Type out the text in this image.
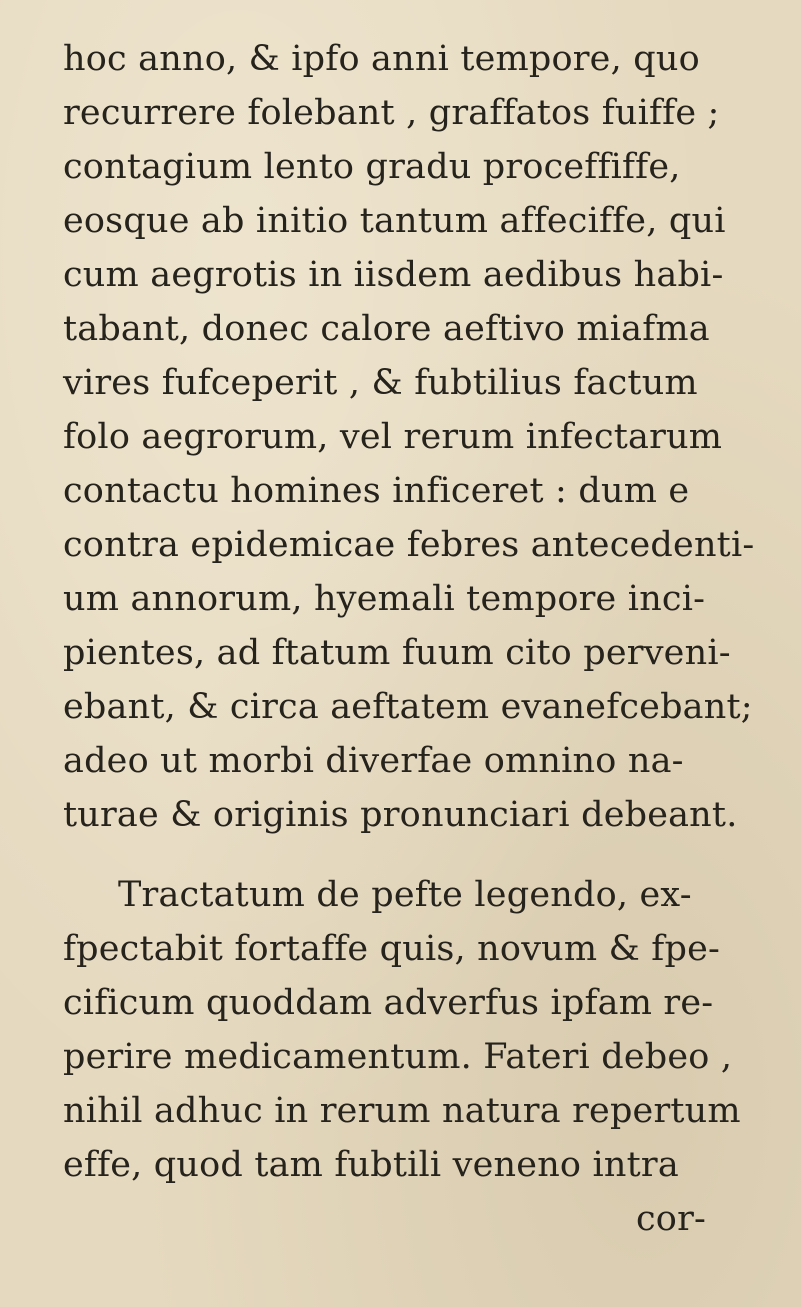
hoc anno, & ipfo anni tempore, quo
recurrere folebant , graffatos fuiffe ;
contagium lento gradu proceffiffe,
eosque ab initio tantum affeciffe, qui
cum aegrotis in iisdem aedibus habi-
tabant, donec calore aeftivo miafma
vires fufceperit , & fubtilius factum
folo aegrorum, vel rerum infectarum
contactu homines inficeret : dum e
contra epidemicae febres antecedenti-
um annorum, hyemali tempore inci-
pientes, ad ftatum fuum cito perveni-
ebant, & circa aeftatem evanefcebant;
adeo ut morbi diverfae omnino na-
turae & originis pronunciari debeant.
Tractatum de pefte legendo, ex-
fpectabit fortaffe quis, novum & fpe-
cificum quoddam adverfus ipfam re-
perire medicamentum. Fateri debeo ,
nihil adhuc in rerum natura repertum
effe, quod tam fubtili veneno intra
cor-
